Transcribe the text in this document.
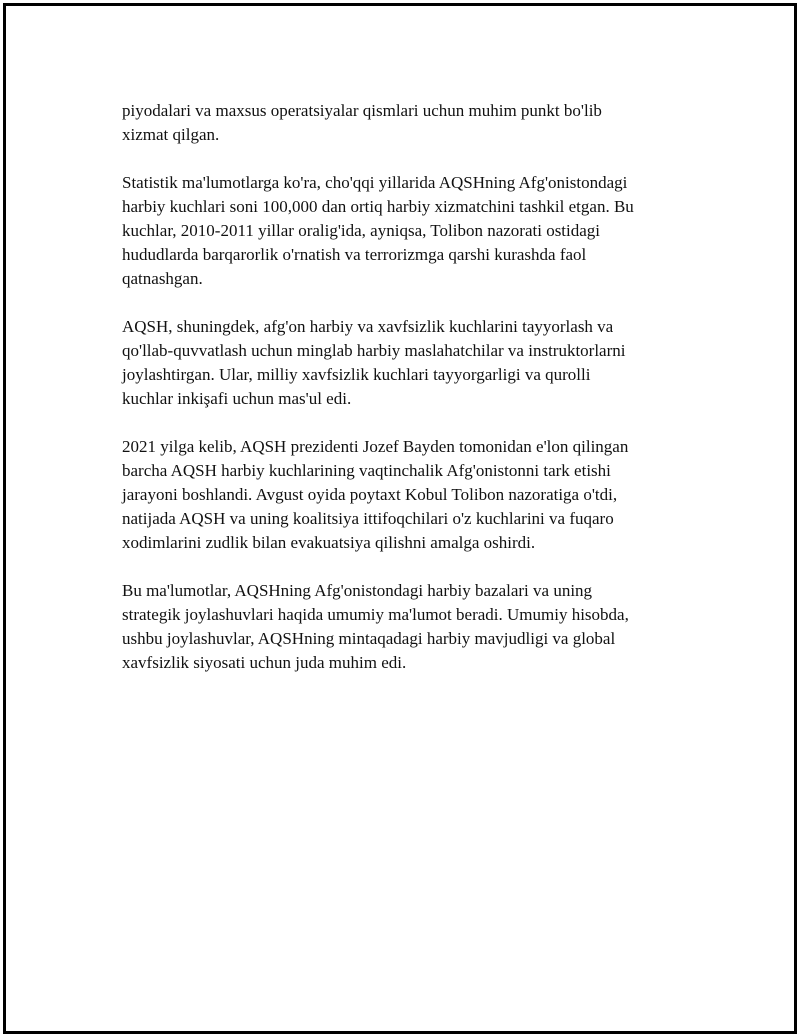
piyodalari va maxsus operatsiyalar qismlari uchun muhim punkt bo'lib
xizmat qilgan.

Statistik ma'lumotlarga ko'ra, cho'qqi yillarida AQSHning Afg'onistondagi
harbiy kuchlari soni 100,000 dan ortiq harbiy xizmatchini tashkil etgan. Bu
kuchlar, 2010-2011 yillar oralig'ida, ayniqsa, Tolibon nazorati ostidagi
hududlarda barqarorlik o'rnatish va terrorizmga qarshi kurashda faol
qatnashgan.

AQSH, shuningdek, afg'on harbiy va xavfsizlik kuchlarini tayyorlash va
qo'llab-quvvatlash uchun minglab harbiy maslahatchilar va instruktorlarni
joylashtirgan. Ular, milliy xavfsizlik kuchlari tayyorgarligi va qurolli
kuchlar inkişafi uchun mas'ul edi.

2021 yilga kelib, AQSH prezidenti Jozef Bayden tomonidan e'lon qilingan
barcha AQSH harbiy kuchlarining vaqtinchalik Afg'onistonni tark etishi
jarayoni boshlandi. Avgust oyida poytaxt Kobul Tolibon nazoratiga o'tdi,
natijada AQSH va uning koalitsiya ittifoqchilari o'z kuchlarini va fuqaro
xodimlarini zudlik bilan evakuatsiya qilishni amalga oshirdi.

Bu ma'lumotlar, AQSHning Afg'onistondagi harbiy bazalari va uning
strategik joylashuvlari haqida umumiy ma'lumot beradi. Umumiy hisobda,
ushbu joylashuvlar, AQSHning mintaqadagi harbiy mavjudligi va global
xavfsizlik siyosati uchun juda muhim edi.
